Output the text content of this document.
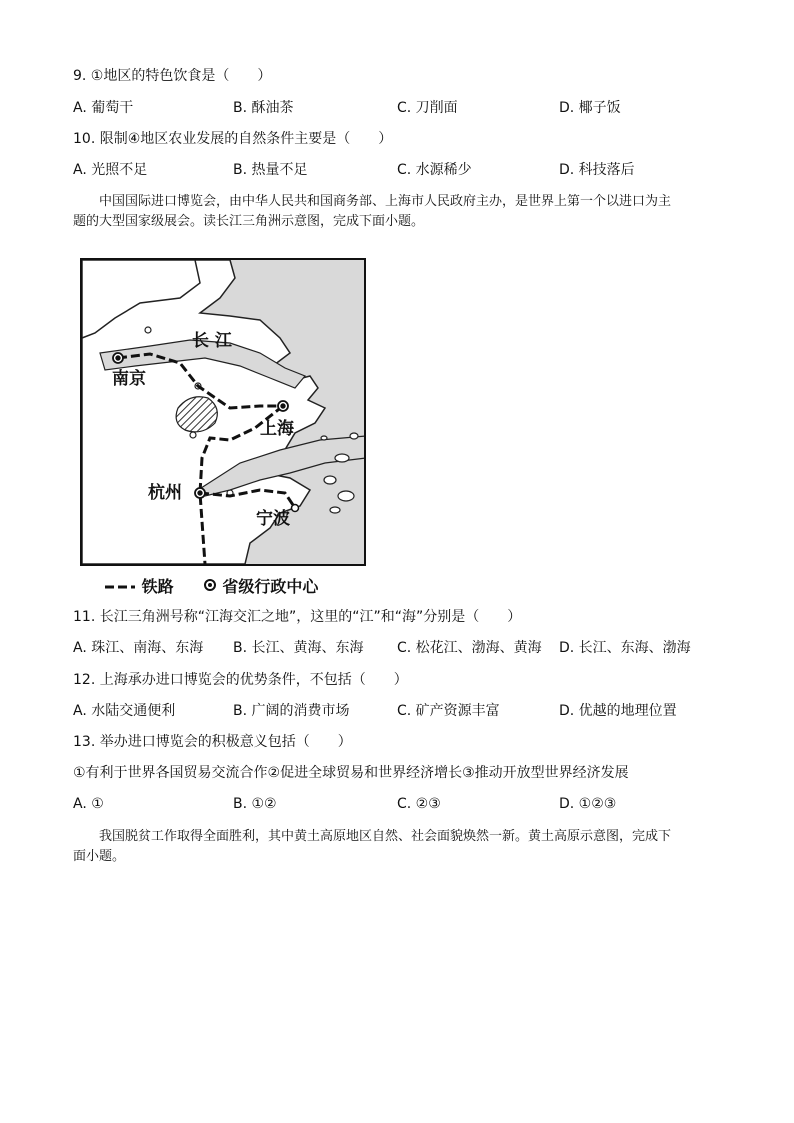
9. ①地区的特色饮食是（　　）
A. 葡萄干	B. 酥油茶	C. 刀削面	D. 椰子饭
10. 限制④地区农业发展的自然条件主要是（　　）
A. 光照不足	B. 热量不足	C. 水源稀少	D. 科技落后
中国国际进口博览会，由中华人民共和国商务部、上海市人民政府主办，是世界上第一个以进口为主
题的大型国家级展会。读长江三角洲示意图，完成下面小题。
长 江
南京
上海
杭州
宁波
铁路	省级行政中心
11. 长江三角洲号称“江海交汇之地”，这里的“江”和“海”分别是（　　）
A. 珠江、南海、东海 B. 长江、黄海、东海 C. 松花江、渤海、黄海 D. 长江、东海、渤海
12. 上海承办进口博览会的优势条件，不包括（　　）
A. 水陆交通便利	B. 广阔的消费市场	C. 矿产资源丰富	D. 优越的地理位置
13. 举办进口博览会的积极意义包括（　　）
①有利于世界各国贸易交流合作②促进全球贸易和世界经济增长③推动开放型世界经济发展
A. ①	B. ①②	C. ②③	D. ①②③
我国脱贫工作取得全面胜利，其中黄土高原地区自然、社会面貌焕然一新。黄土高原示意图，完成下
面小题。
